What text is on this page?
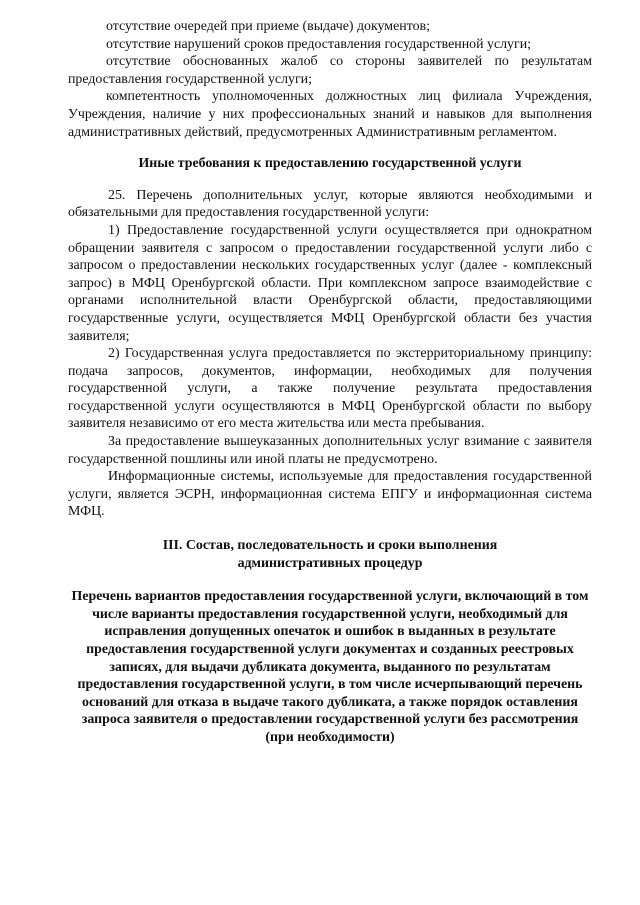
отсутствие очередей при приеме (выдаче) документов;

отсутствие нарушений сроков предоставления государственной услуги;

отсутствие обоснованных жалоб со стороны заявителей по результатам предоставления государственной услуги;

компетентность уполномоченных должностных лиц филиала Учреждения, Учреждения, наличие у них профессиональных знаний и навыков для выполнения административных действий, предусмотренных Административным регламентом.

Иные требования к предоставлению государственной услуги

25. Перечень дополнительных услуг, которые являются необходимыми и обязательными для предоставления государственной услуги:

1) Предоставление государственной услуги осуществляется при однократном обращении заявителя с запросом о предоставлении государственной услуги либо с запросом о предоставлении нескольких государственных услуг (далее - комплексный запрос) в МФЦ Оренбургской области. При комплексном запросе взаимодействие с органами исполнительной власти Оренбургской области, предоставляющими государственные услуги, осуществляется МФЦ Оренбургской области без участия заявителя;

2) Государственная услуга предоставляется по экстерриториальному принципу: подача запросов, документов, информации, необходимых для получения государственной услуги, а также получение результата предоставления государственной услуги осуществляются в МФЦ Оренбургской области по выбору заявителя независимо от его места жительства или места пребывания.

За предоставление вышеуказанных дополнительных услуг взимание с заявителя государственной пошлины или иной платы не предусмотрено.

Информационные системы, используемые для предоставления государственной услуги, является ЭСРН, информационная система ЕПГУ и информационная система МФЦ.

III. Состав, последовательность и сроки выполнения

административных процедур

Перечень вариантов предоставления государственной услуги, включающий в том числе варианты предоставления государственной услуги, необходимый для исправления допущенных опечаток и ошибок в выданных в результате предоставления государственной услуги документах и созданных реестровых записях, для выдачи дубликата документа, выданного по результатам предоставления государственной услуги, в том числе исчерпывающий перечень оснований для отказа в выдаче такого дубликата, а также порядок оставления запроса заявителя о предоставлении государственной услуги без рассмотрения (при необходимости)
